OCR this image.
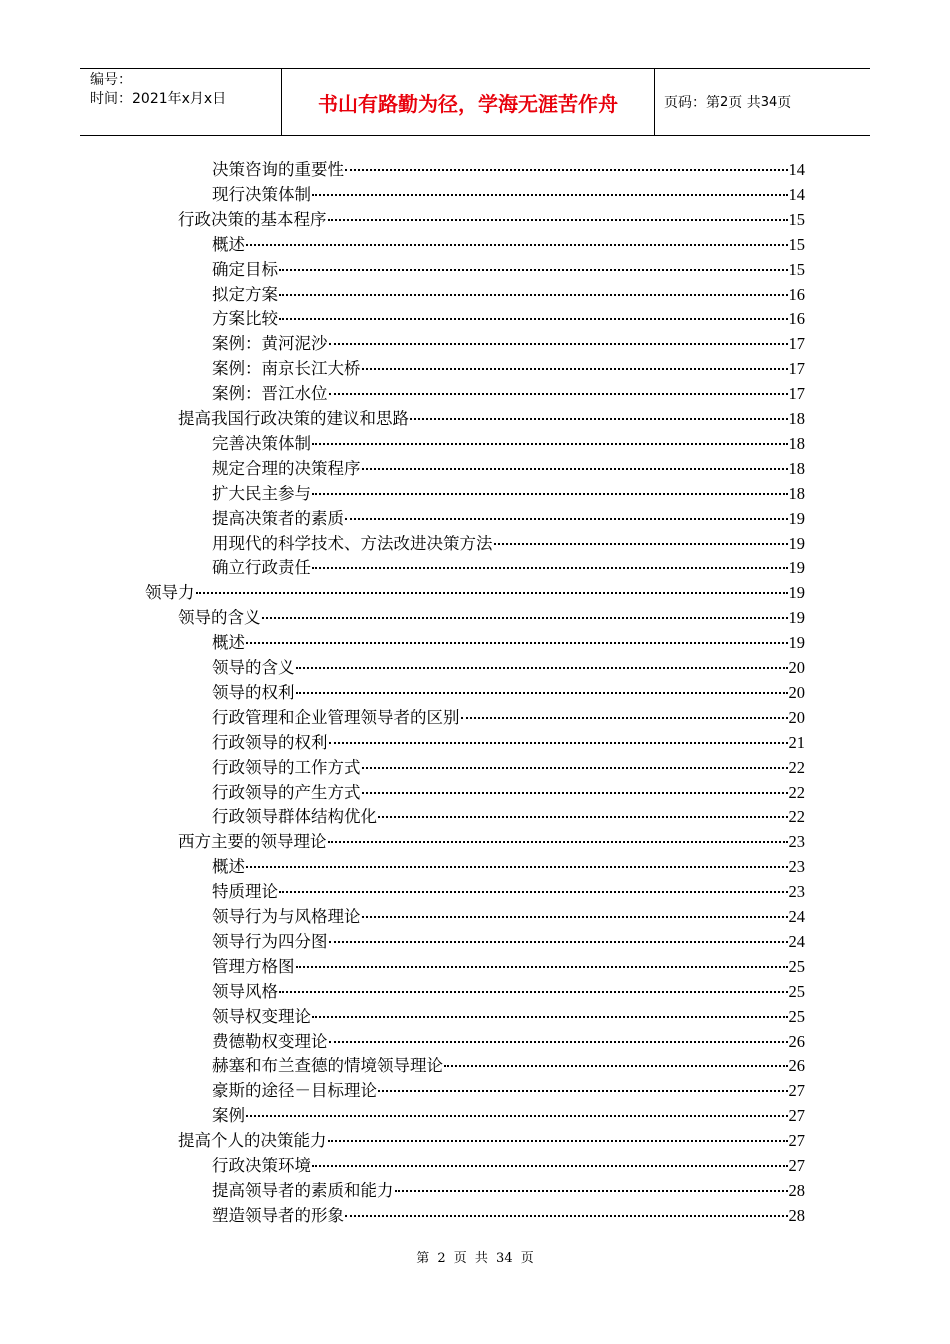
编号：
时间：2021年x月x日	书山有路勤为径，学海无涯苦作舟	页码：第 2 页 共 34 页
决策咨询的重要性	14
现行决策体制	14
行政决策的基本程序	15
概述	15
确定目标	15
拟定方案	16
方案比较	16
案例：黄河泥沙	17
案例：南京长江大桥	17
案例：晋江水位	17
提高我国行政决策的建议和思路	18
完善决策体制	18
规定合理的决策程序	18
扩大民主参与	18
提高决策者的素质	19
用现代的科学技术、方法改进决策方法	19
确立行政责任	19
领导力	19
领导的含义	19
概述	19
领导的含义	20
领导的权利	20
行政管理和企业管理领导者的区别	20
行政领导的权利	21
行政领导的工作方式	22
行政领导的产生方式	22
行政领导群体结构优化	22
西方主要的领导理论	23
概述	23
特质理论	23
领导行为与风格理论	24
领导行为四分图	24
管理方格图	25
领导风格	25
领导权变理论	25
费德勒权变理论	26
赫塞和布兰查德的情境领导理论	26
豪斯的途径－目标理论	27
案例	27
提高个人的决策能力	27
行政决策环境	27
提高领导者的素质和能力	28
塑造领导者的形象	28
第 2 页 共 34 页
